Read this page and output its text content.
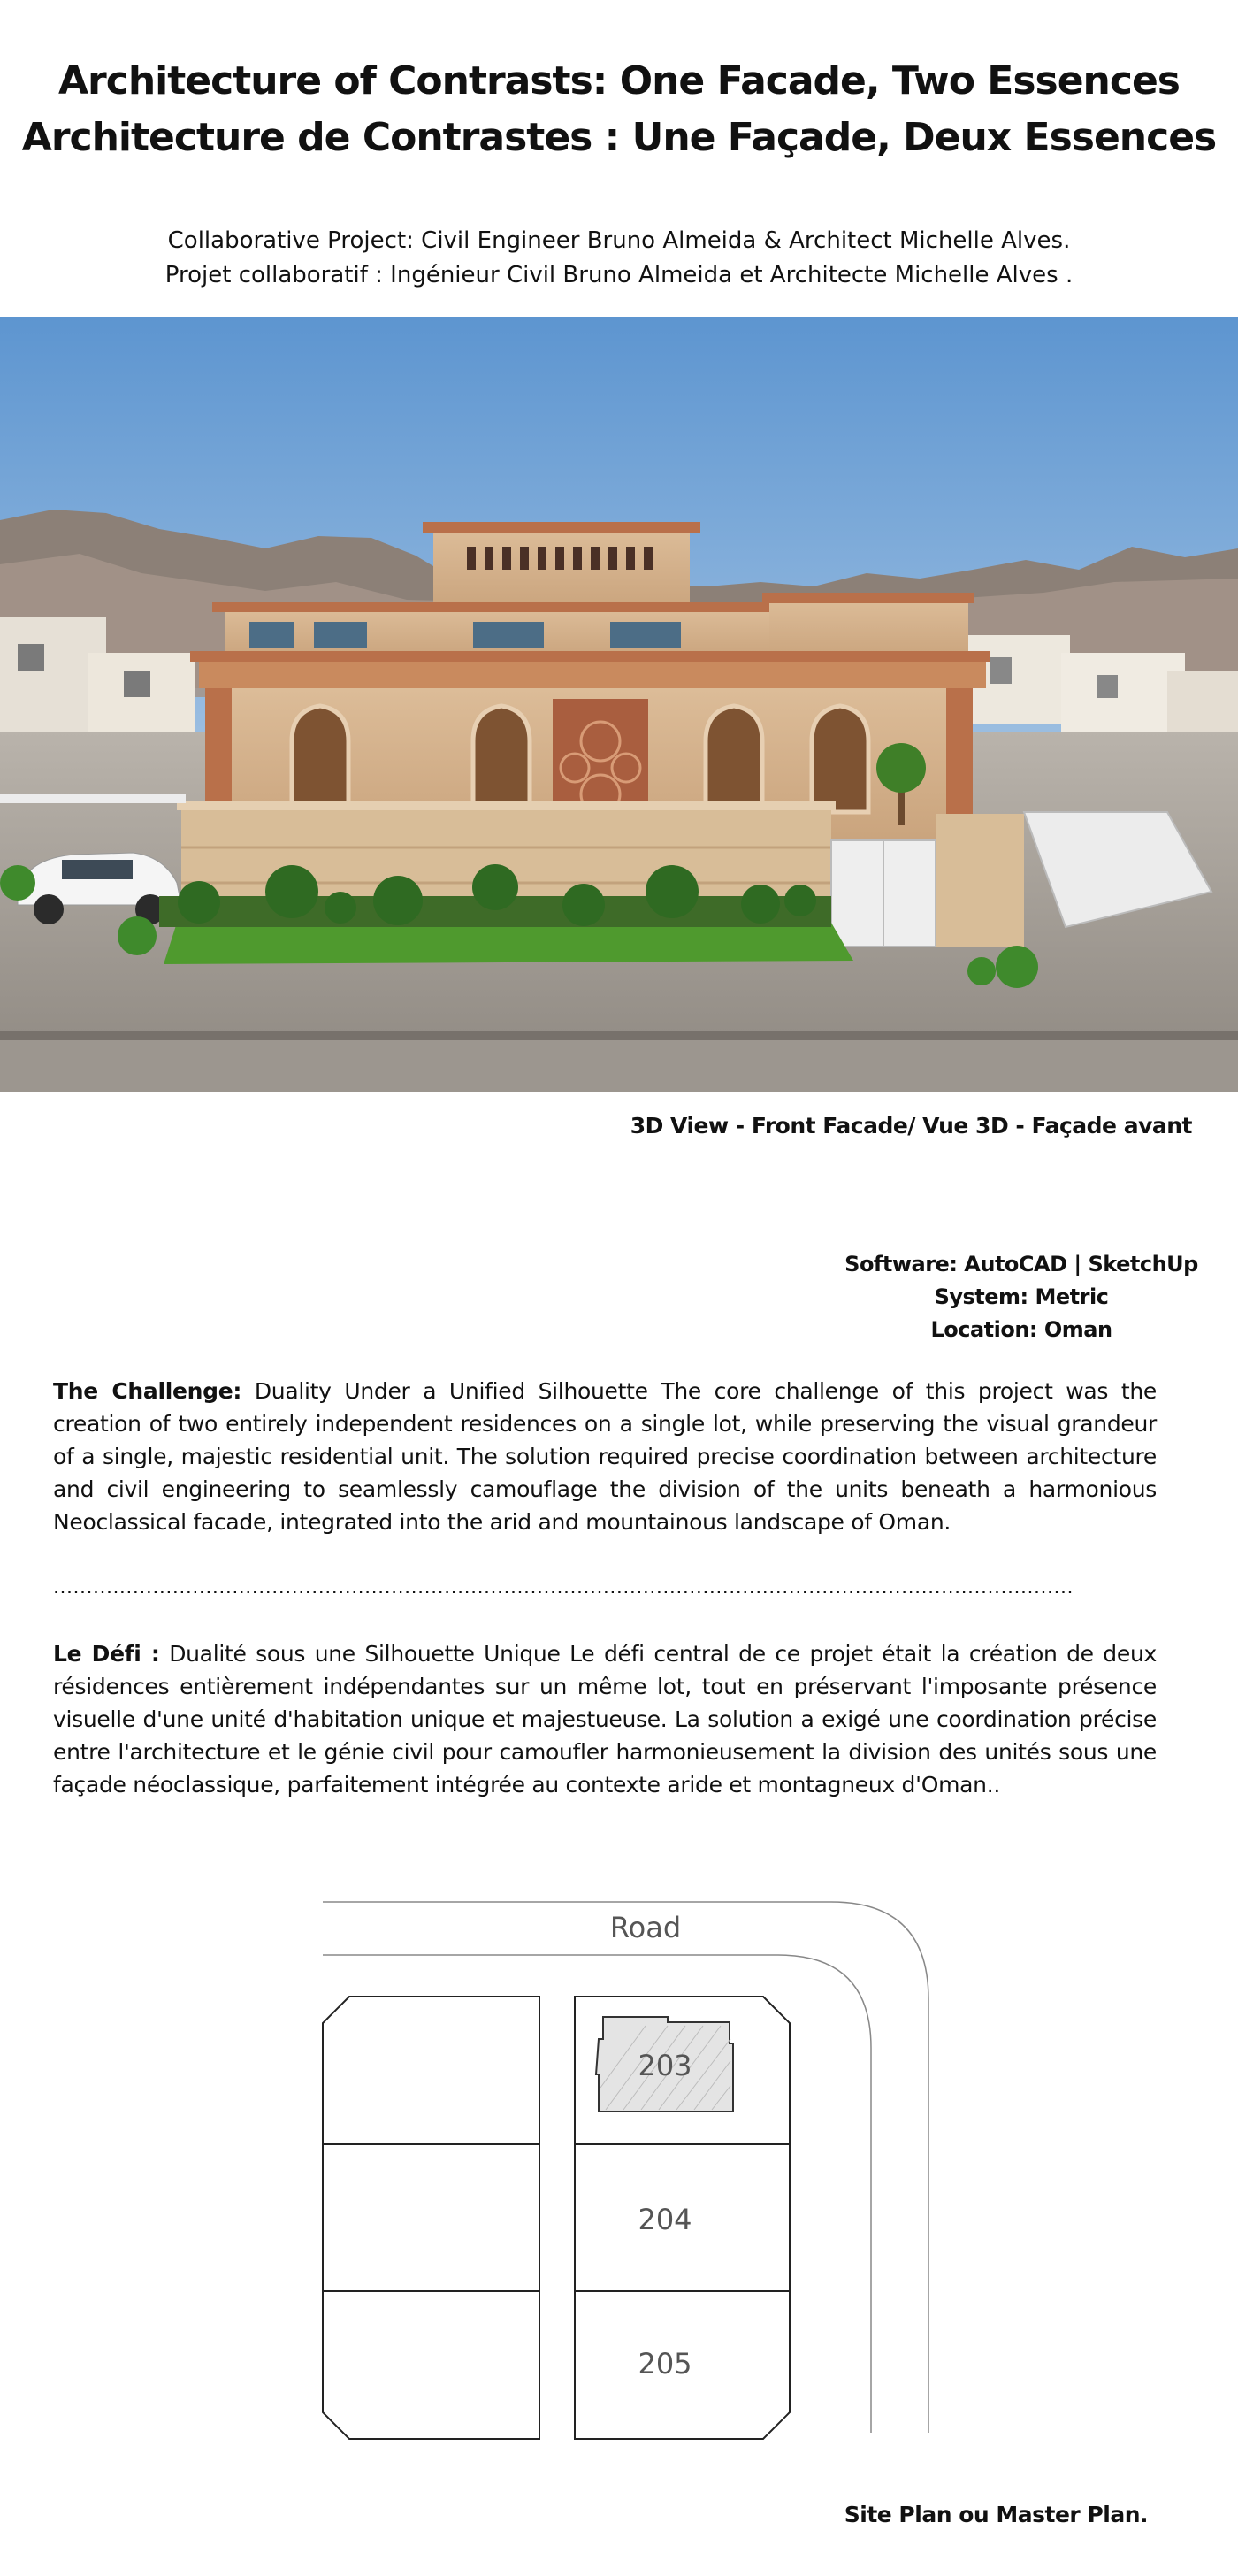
Architecture of Contrasts: One Facade, Two Essences
Architecture de Contrastes : Une Façade, Deux Essences
Collaborative Project: Civil Engineer Bruno Almeida & Architect Michelle Alves.
Projet collaboratif : Ingénieur Civil Bruno Almeida et Architecte Michelle Alves .
3D View - Front Facade/ Vue 3D - Façade avant
Software: AutoCAD | SketchUp
System: Metric
Location: Oman
The Challenge: Duality Under a Unified Silhouette The core challenge of this project was the creation of two entirely independent residences on a single lot, while preserving the visual grandeur of a single, majestic residential unit. The solution required precise coordination between architecture and civil engineering to seamlessly camouflage the division of the units beneath a harmonious Neoclassical facade, integrated into the arid and mountainous landscape of Oman.
..........................................................................................................................................................
Le Défi : Dualité sous une Silhouette Unique Le défi central de ce projet était la création de deux résidences entièrement indépendantes sur un même lot, tout en préservant l'imposante présence visuelle d'une unité d'habitation unique et majestueuse. La solution a exigé une coordination précise entre l'architecture et le génie civil pour camoufler harmonieusement la division des unités sous une façade néoclassique, parfaitement intégrée au contexte aride et montagneux d'Oman..
Road
203
204
205
Site Plan ou Master Plan.
